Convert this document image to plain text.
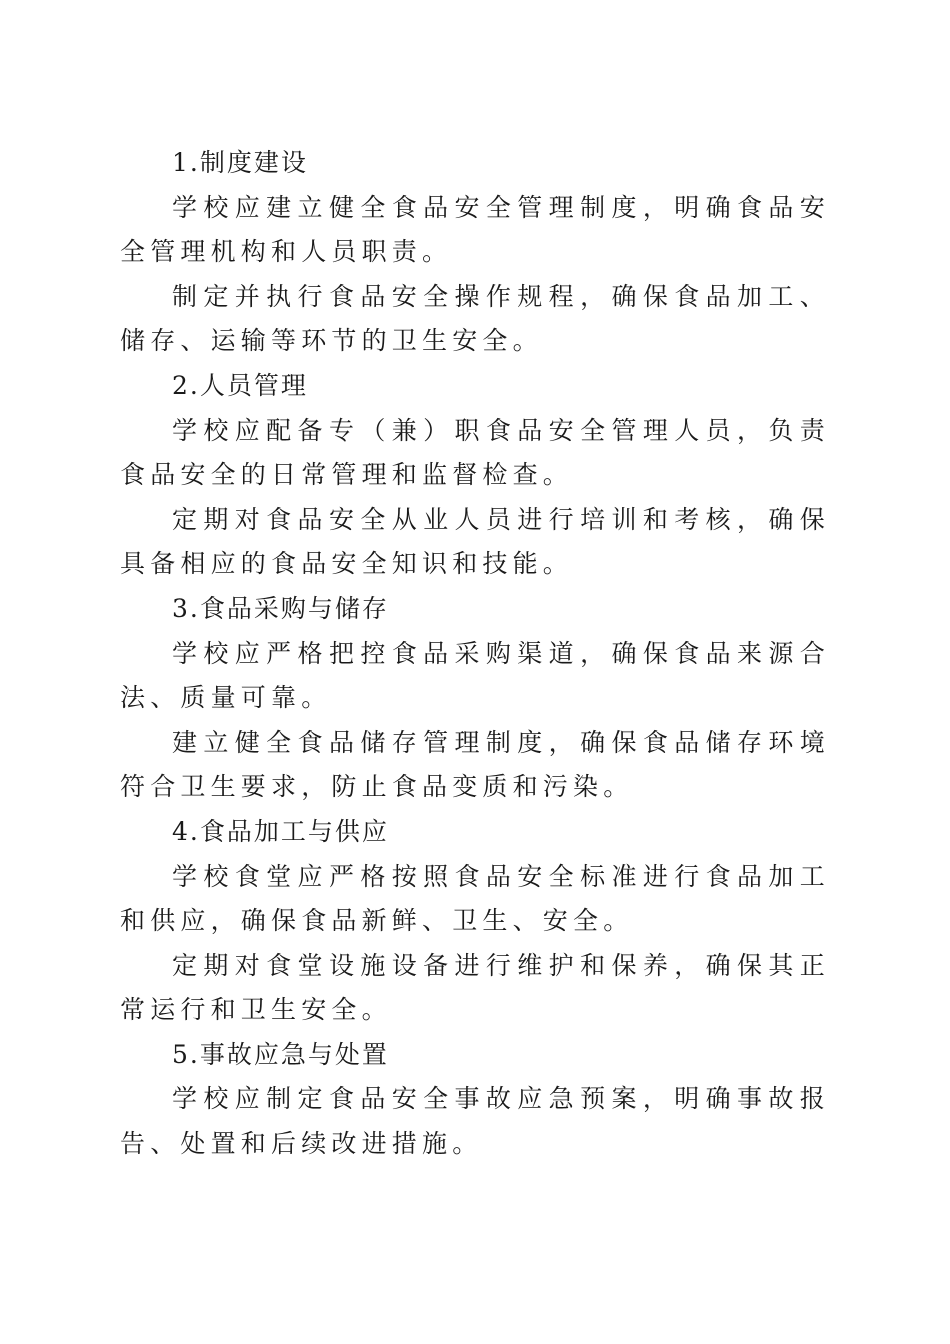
1.制度建设

学校应建立健全食品安全管理制度，明确食品安全管理机构和人员职责。

制定并执行食品安全操作规程，确保食品加工、储存、运输等环节的卫生安全。

2.人员管理

学校应配备专（兼）职食品安全管理人员，负责食品安全的日常管理和监督检查。

定期对食品安全从业人员进行培训和考核，确保具备相应的食品安全知识和技能。

3.食品采购与储存

学校应严格把控食品采购渠道，确保食品来源合法、质量可靠。

建立健全食品储存管理制度，确保食品储存环境符合卫生要求，防止食品变质和污染。

4.食品加工与供应

学校食堂应严格按照食品安全标准进行食品加工和供应，确保食品新鲜、卫生、安全。

定期对食堂设施设备进行维护和保养，确保其正常运行和卫生安全。

5.事故应急与处置

学校应制定食品安全事故应急预案，明确事故报告、处置和后续改进措施。
